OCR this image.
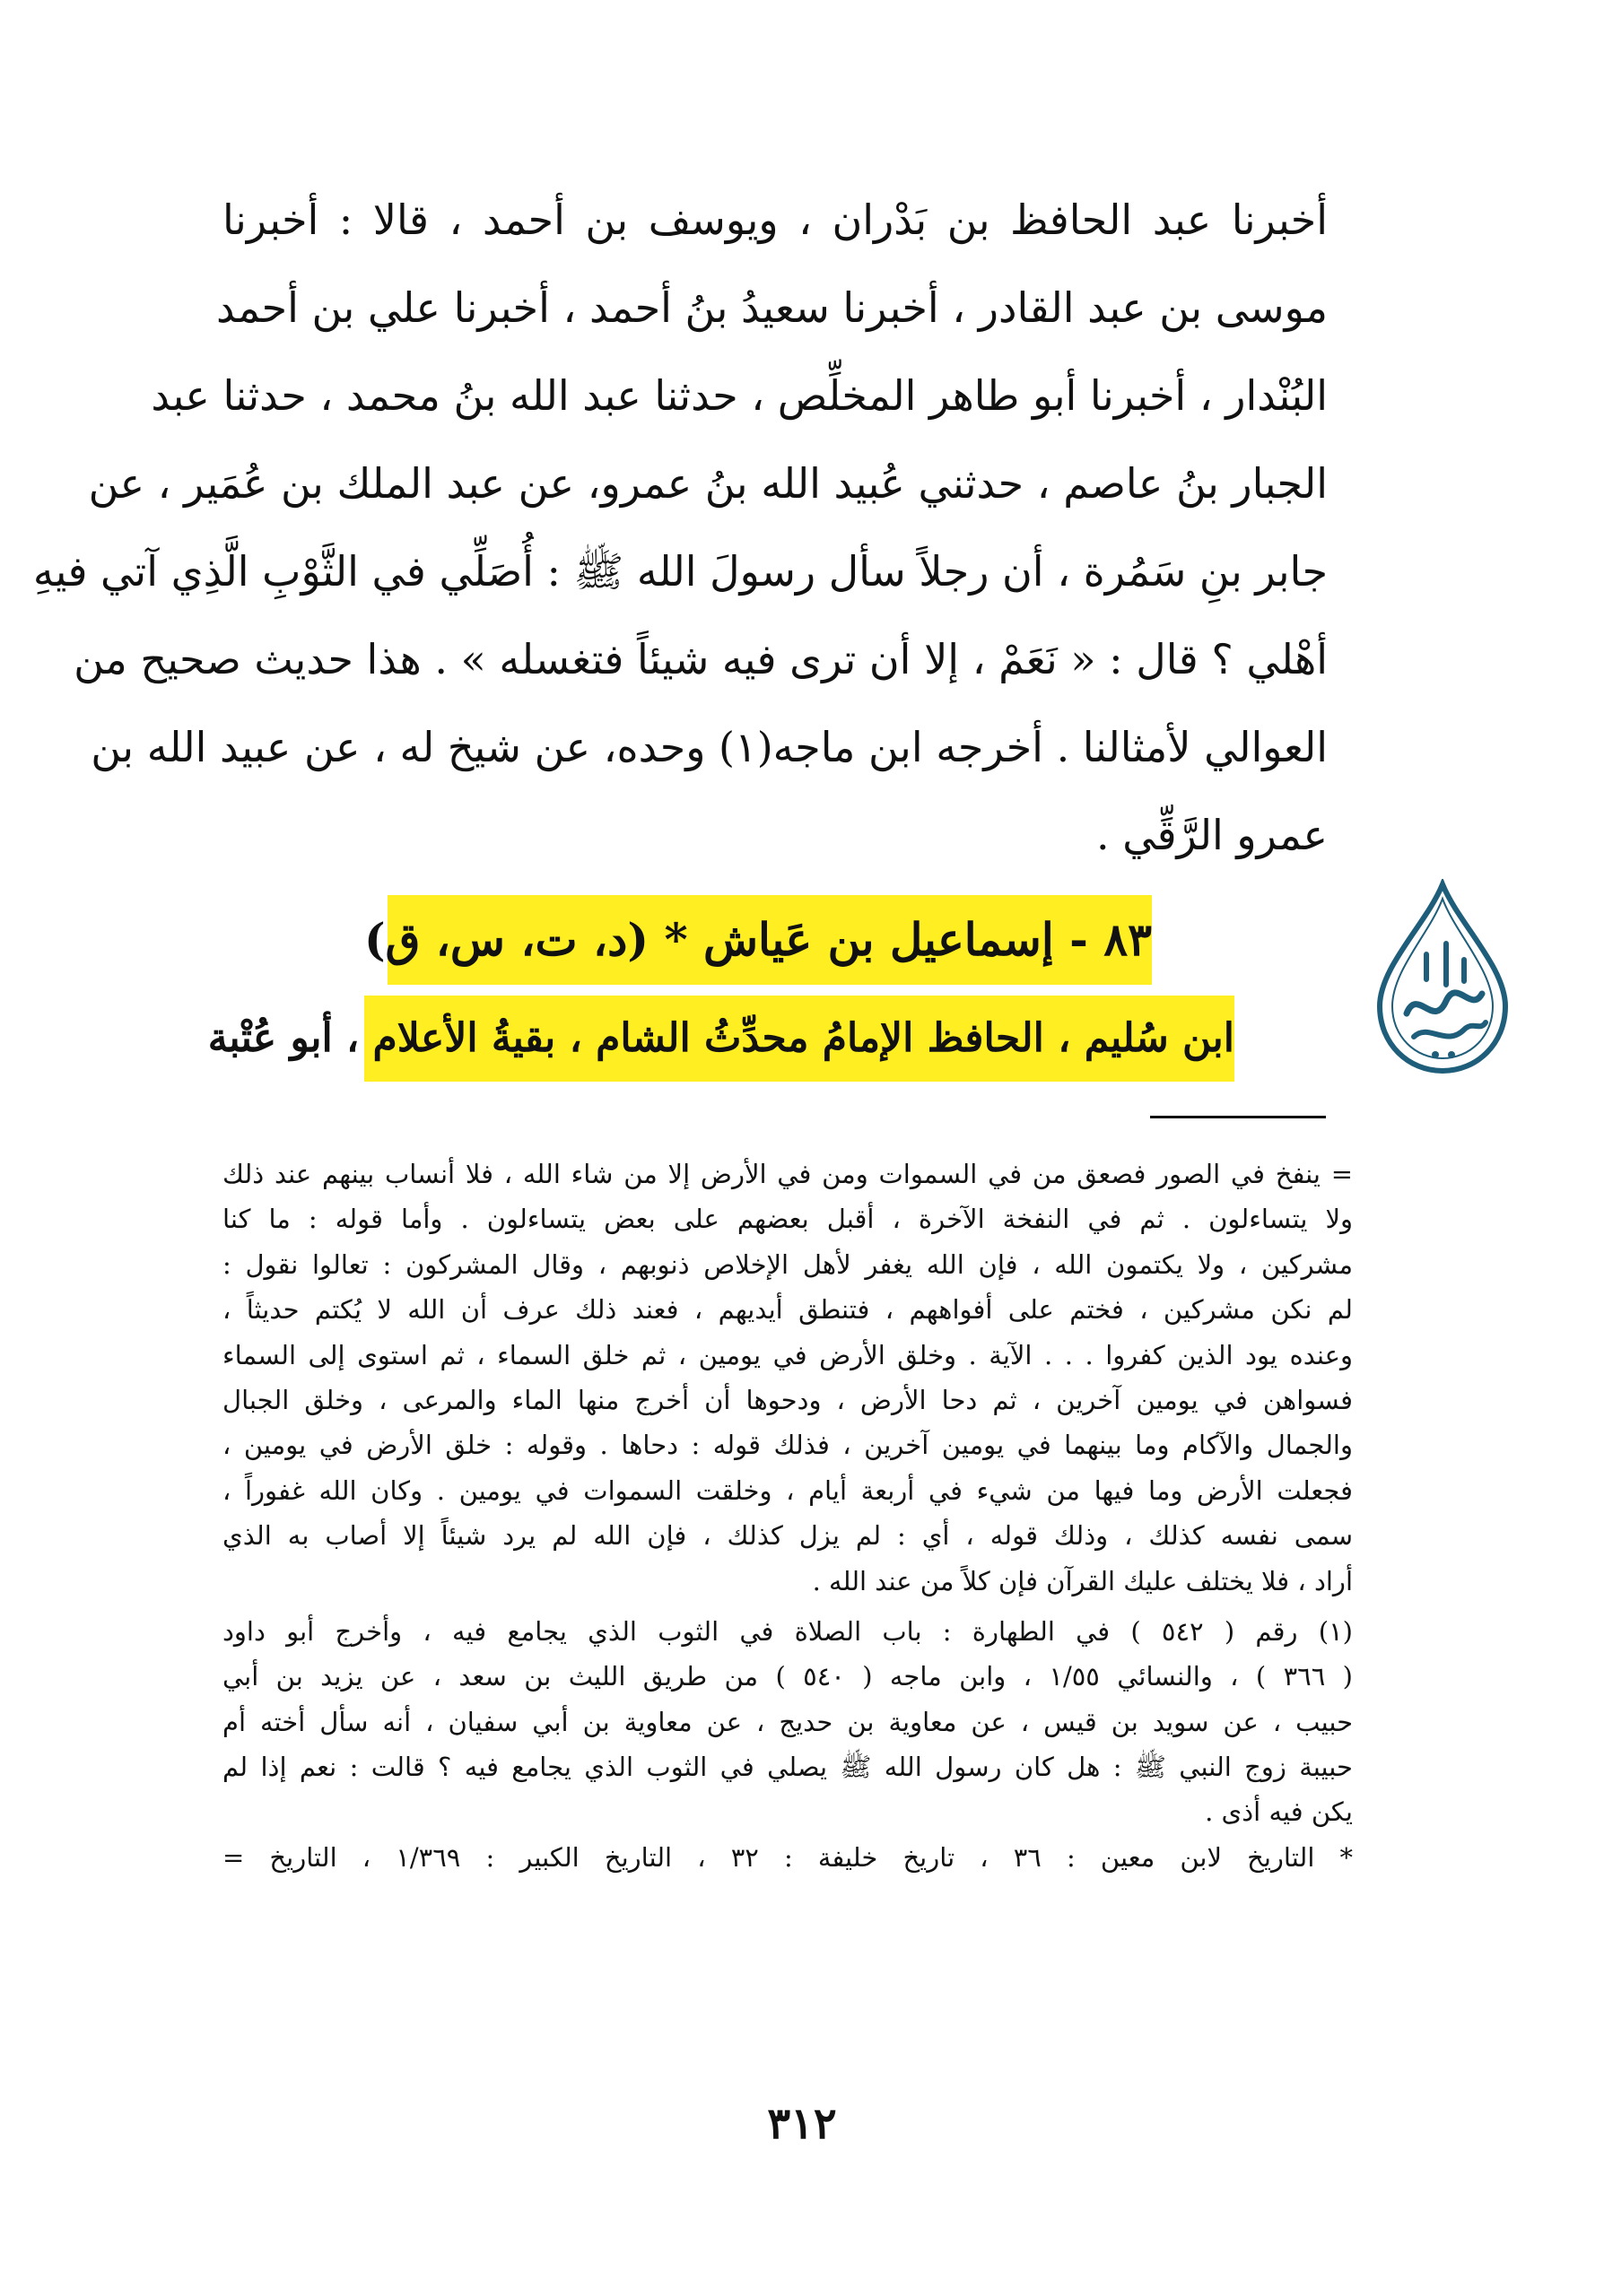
أخبرنا عبد الحافظ بن بَدْران ، ويوسف بن أحمد ، قالا : أخبرنا
موسى بن عبد القادر ، أخبرنا سعيدُ بنُ أحمد ، أخبرنا علي بن أحمد
البُنْدار ، أخبرنا أبو طاهر المخلِّص ، حدثنا عبد الله بنُ محمد ، حدثنا عبد
الجبار بنُ عاصم ، حدثني عُبيد الله بنُ عمرو، عن عبد الملك بن عُمَير ، عن
جابر بنِ سَمُرة ، أن رجلاً سأل رسولَ الله ﷺ : أُصَلِّي في الثَّوْبِ الَّذِي آتي فيهِ
أهْلي ؟ قال : « نَعَمْ ، إلا أن ترى فيه شيئاً فتغسله » . هذا حديث صحيح من
العوالي لأمثالنا . أخرجه ابن ماجه(١) وحده، عن شيخ له ، عن عبيد الله بن
عمرو الرَّقِّي .
٨٣ - إسماعيل بن عَياش * (د، ت، س، ق)
ابن سُليم ، الحافظ الإمامُ محدِّثُ الشام ، بقيةُ الأعلام ، أبو عُتْبة
= ينفخ في الصور فصعق من في السموات ومن في الأرض إلا من شاء الله ، فلا أنساب بينهم عند ذلك
ولا يتساءلون . ثم في النفخة الآخرة ، أقبل بعضهم على بعض يتساءلون . وأما قوله : ما كنا
مشركين ، ولا يكتمون الله ، فإن الله يغفر لأهل الإخلاص ذنوبهم ، وقال المشركون : تعالوا نقول :
لم نكن مشركين ، فختم على أفواههم ، فتنطق أيديهم ، فعند ذلك عرف أن الله لا يُكتم حديثاً ،
وعنده يود الذين كفروا . . . الآية . وخلق الأرض في يومين ، ثم خلق السماء ، ثم استوى إلى السماء
فسواهن في يومين آخرين ، ثم دحا الأرض ، ودحوها أن أخرج منها الماء والمرعى ، وخلق الجبال
والجمال والآكام وما بينهما في يومين آخرين ، فذلك قوله : دحاها . وقوله : خلق الأرض في يومين ،
فجعلت الأرض وما فيها من شيء في أربعة أيام ، وخلقت السموات في يومين . وكان الله غفوراً ،
سمى نفسه كذلك ، وذلك قوله ، أي : لم يزل كذلك ، فإن الله لم يرد شيئاً إلا أصاب به الذي
أراد ، فلا يختلف عليك القرآن فإن كلاً من عند الله .
(١) رقم ( ٥٤٢ ) في الطهارة : باب الصلاة في الثوب الذي يجامع فيه ، وأخرج أبو داود
( ٣٦٦ ) ، والنسائي ١/٥٥ ، وابن ماجه ( ٥٤٠ ) من طريق الليث بن سعد ، عن يزيد بن أبي
حبيب ، عن سويد بن قيس ، عن معاوية بن حديج ، عن معاوية بن أبي سفيان ، أنه سأل أخته أم
حبيبة زوج النبي ﷺ : هل كان رسول الله ﷺ يصلي في الثوب الذي يجامع فيه ؟ قالت : نعم إذا لم
يكن فيه أذى .
* التاريخ لابن معين : ٣٦ ، تاريخ خليفة : ٣٢ ، التاريخ الكبير : ١/٣٦٩ ، التاريخ =
٣١٢
